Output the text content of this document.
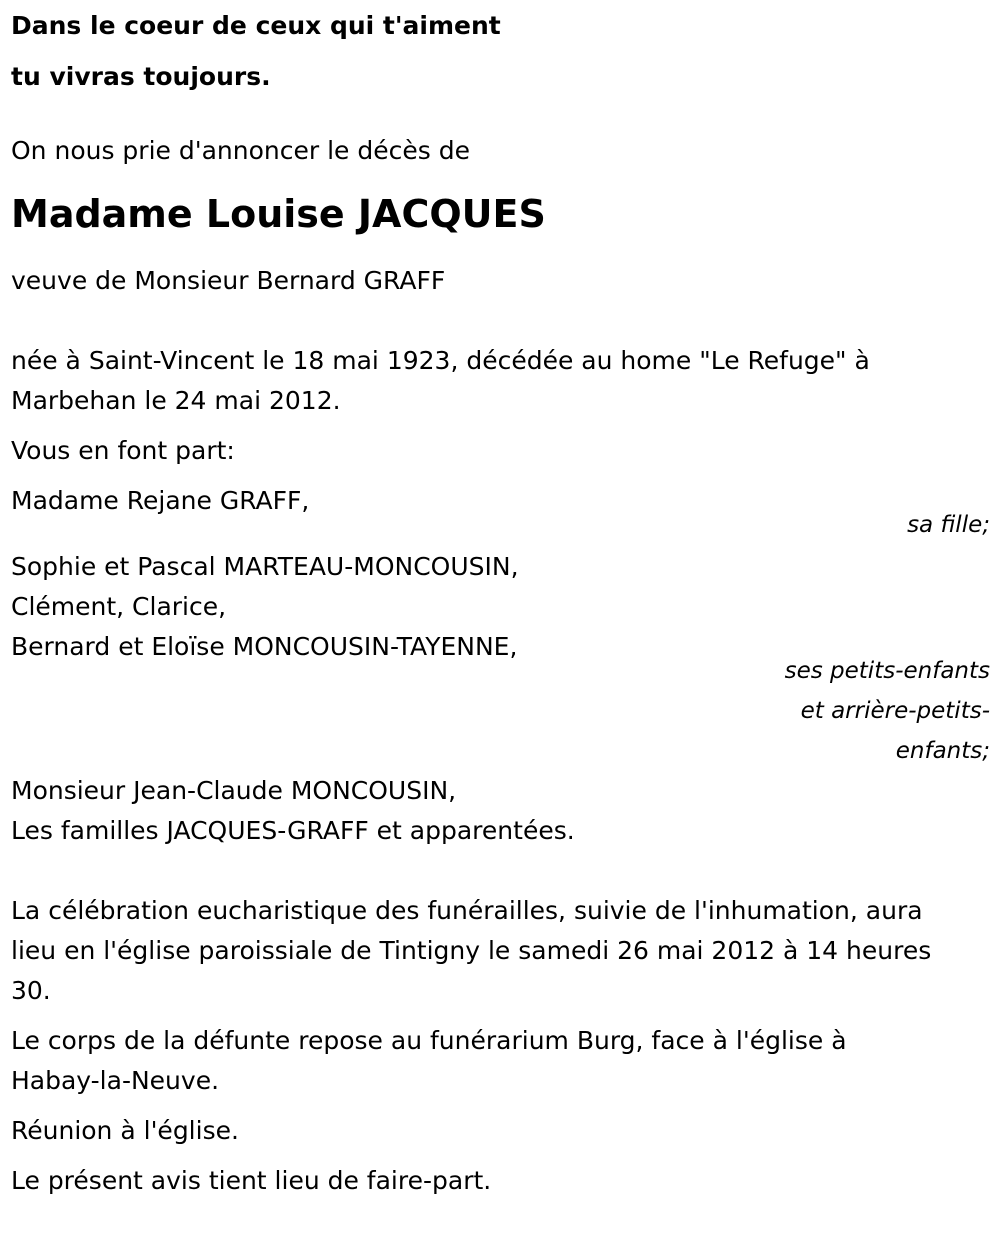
Dans le coeur de ceux qui t'aiment

tu vivras toujours.

On nous prie d'annoncer le décès de

Madame Louise JACQUES

veuve de Monsieur Bernard GRAFF

née à Saint-Vincent le 18 mai 1923, décédée au home "Le Refuge" à
Marbehan le 24 mai 2012.

Vous en font part:

Madame Rejane GRAFF,

sa fille;

Sophie et Pascal MARTEAU-MONCOUSIN,
Clément, Clarice,
Bernard et Eloïse MONCOUSIN-TAYENNE,
ses petits-enfants
et arrière-petits-
enfants;
Monsieur Jean-Claude MONCOUSIN,
Les familles JACQUES-GRAFF et apparentées.
La célébration eucharistique des funérailles, suivie de l'inhumation, aura
lieu en l'église paroissiale de Tintigny le samedi 26 mai 2012 à 14 heures
30.
Le corps de la défunte repose au funérarium Burg, face à l'église à
Habay-la-Neuve.

Réunion à l'église.

Le présent avis tient lieu de faire-part.
